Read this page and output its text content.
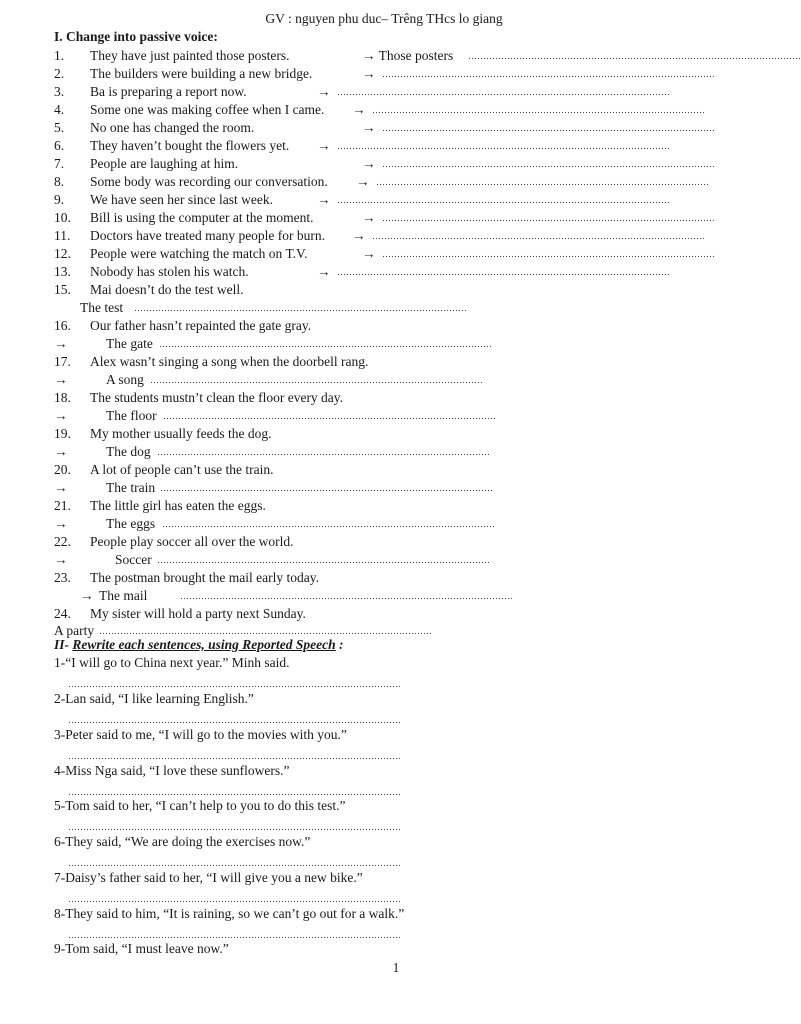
GV : nguyen phu duc– Trêng THcs lo giang
I. Change into passive voice:
1. They have just painted those posters.	→ Those posters …………………………………………………………………………………………………
2. The builders were building a new bridge.	→ …………………………………………………………………………………………………
3. Ba is preparing a report now.	→ …………………………………………………………………………………………………
4. Some one was making coffee when I came. → …………………………………………………………………………………………………
5. No one has changed the room.	→ …………………………………………………………………………………………………
6. They haven’t bought the flowers yet. → …………………………………………………………………………………………………
7. People are laughing at him.	→ …………………………………………………………………………………………………
8. Some body was recording our conversation. → …………………………………………………………………………………………………
9. We have seen her since last week.	→ …………………………………………………………………………………………………
10. Bill is using the computer at the moment.	→ …………………………………………………………………………………………………
11. Doctors have treated many people for burn. → …………………………………………………………………………………………………
12. People were watching the match on T.V.	→ …………………………………………………………………………………………………
13. Nobody has stolen his watch.	→ …………………………………………………………………………………………………
15. Mai doesn’t do the test well.
The test …………………………………………………………………………………………………
16. Our father hasn’t repainted the gate gray.
→	The gate …………………………………………………………………………………………………
17. Alex wasn’t singing a song when the doorbell rang.
→	A song …………………………………………………………………………………………………
18. The students mustn’t clean the floor every day.
→	The floor …………………………………………………………………………………………………
19. My mother usually feeds the dog.
→	The dog …………………………………………………………………………………………………
20. A lot of people can’t use the train.
→	The train …………………………………………………………………………………………………
21. The little girl has eaten the eggs.
→	The eggs …………………………………………………………………………………………………
22. People play soccer all over the world.
→	Soccer …………………………………………………………………………………………………
23. The postman brought the mail early today.
→ The mail	…………………………………………………………………………………………………
24. My sister will hold a party next Sunday.
A party …………………………………………………………………………………………………
II- Rewrite each sentences, using Reported Speech :
1-“I will go to China next year.” Minh said.
…………………………………………………………………………………………………
2-Lan said, “I like learning English.”
…………………………………………………………………………………………………
3-Peter said to me, “I will go to the movies with you.”
…………………………………………………………………………………………………
4-Miss Nga said, “I love these sunflowers.”
…………………………………………………………………………………………………
5-Tom said to her, “I can’t help to you to do this test.”
…………………………………………………………………………………………………
6-They said, “We are doing the exercises now.”
…………………………………………………………………………………………………
7-Daisy’s father said to her, “I will give you a new bike.”
…………………………………………………………………………………………………
8-They said to him, “It is raining, so we can’t go out for a walk.”
…………………………………………………………………………………………………
9-Tom said, “I must leave now.”
1
